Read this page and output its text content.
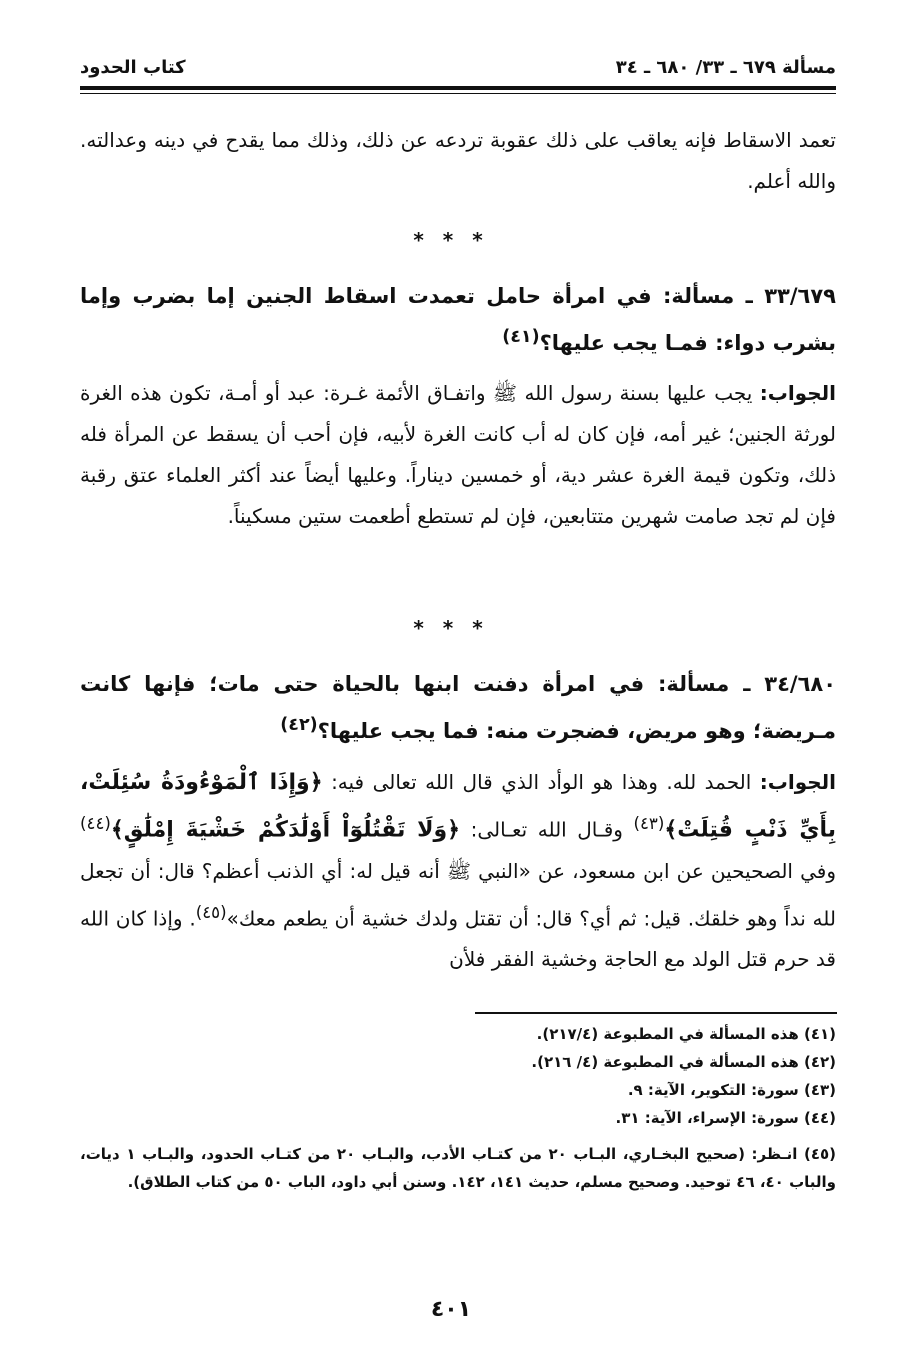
مسألة ٦٧٩ ـ ٣٣/ ٦٨٠ ـ ٣٤
كتاب الحدود

تعمد الاسقاط فإنه يعاقب على ذلك عقوبة تردعه عن ذلك، وذلك مما يقدح في دينه وعدالته. والله أعلم.

* * *

٣٣/٦٧٩ ـ مسألة: في امرأة حامل تعمدت اسقاط الجنين إما بضرب وإما بشرب دواء: فمـا يجب عليها؟$^{(٤١)}$

الجواب: يجب عليها بسنة رسول الله ﷺ واتفـاق الأئمة غـرة: عبد أو أمـة، تكون هذه الغرة لورثة الجنين؛ غير أمه، فإن كان له أب كانت الغرة لأبيه، فإن أحب أن يسقط عن المرأة فله ذلك، وتكون قيمة الغرة عشر دية، أو خمسين ديناراً. وعليها أيضاً عند أكثر العلماء عتق رقبة فإن لم تجد صامت شهرين متتابعين، فإن لم تستطع أطعمت ستين مسكيناً.

* * *

٣٤/٦٨٠ ـ مسألة: في امرأة دفنت ابنها بالحياة حتى مات؛ فإنها كانت مـريضة؛ وهو مريض، فضجرت منه: فما يجب عليها؟$^{(٤٢)}$

الجواب: الحمد لله. وهذا هو الوأد الذي قال الله تعالى فيه: ﴿وَإِذَا ٱلْمَوْءُودَةُ سُئِلَتْ، بِأَيِّ ذَنْبٍ قُتِلَتْ﴾$^{(٤٣)}$ وقـال الله تعـالى: ﴿وَلَا تَقْتُلُوٓاْ أَوْلَٰدَكُمْ خَشْيَةَ إِمْلَٰقٍ﴾$^{(٤٤)}$ وفي الصحيحين عن ابن مسعود، عن «النبي ﷺ أنه قيل له: أي الذنب أعظم؟ قال: أن تجعل لله نداً وهو خلقك. قيل: ثم أي؟ قال: أن تقتل ولدك خشية أن يطعم معك»$^{(٤٥)}$. وإذا كان الله قد حرم قتل الولد مع الحاجة وخشية الفقر فلأن

(٤١) هذه المسألة في المطبوعة (٢١٧/٤).

(٤٢) هذه المسألة في المطبوعة (٤/ ٢١٦).

(٤٣) سورة: التكوير، الآية: ٩.

(٤٤) سورة: الإسراء، الآية: ٣١.

(٤٥) انـظر: (صحيح البخـاري، البـاب ٢٠ من كتـاب الأدب، والبـاب ٢٠ من كتـاب الحدود، والبـاب ١ ديات، والباب ٤٠، ٤٦ توحيد. وصحيح مسلم، حديث ١٤١، ١٤٢. وسنن أبي داود، الباب ٥٠ من كتاب الطلاق).

٤٠١
